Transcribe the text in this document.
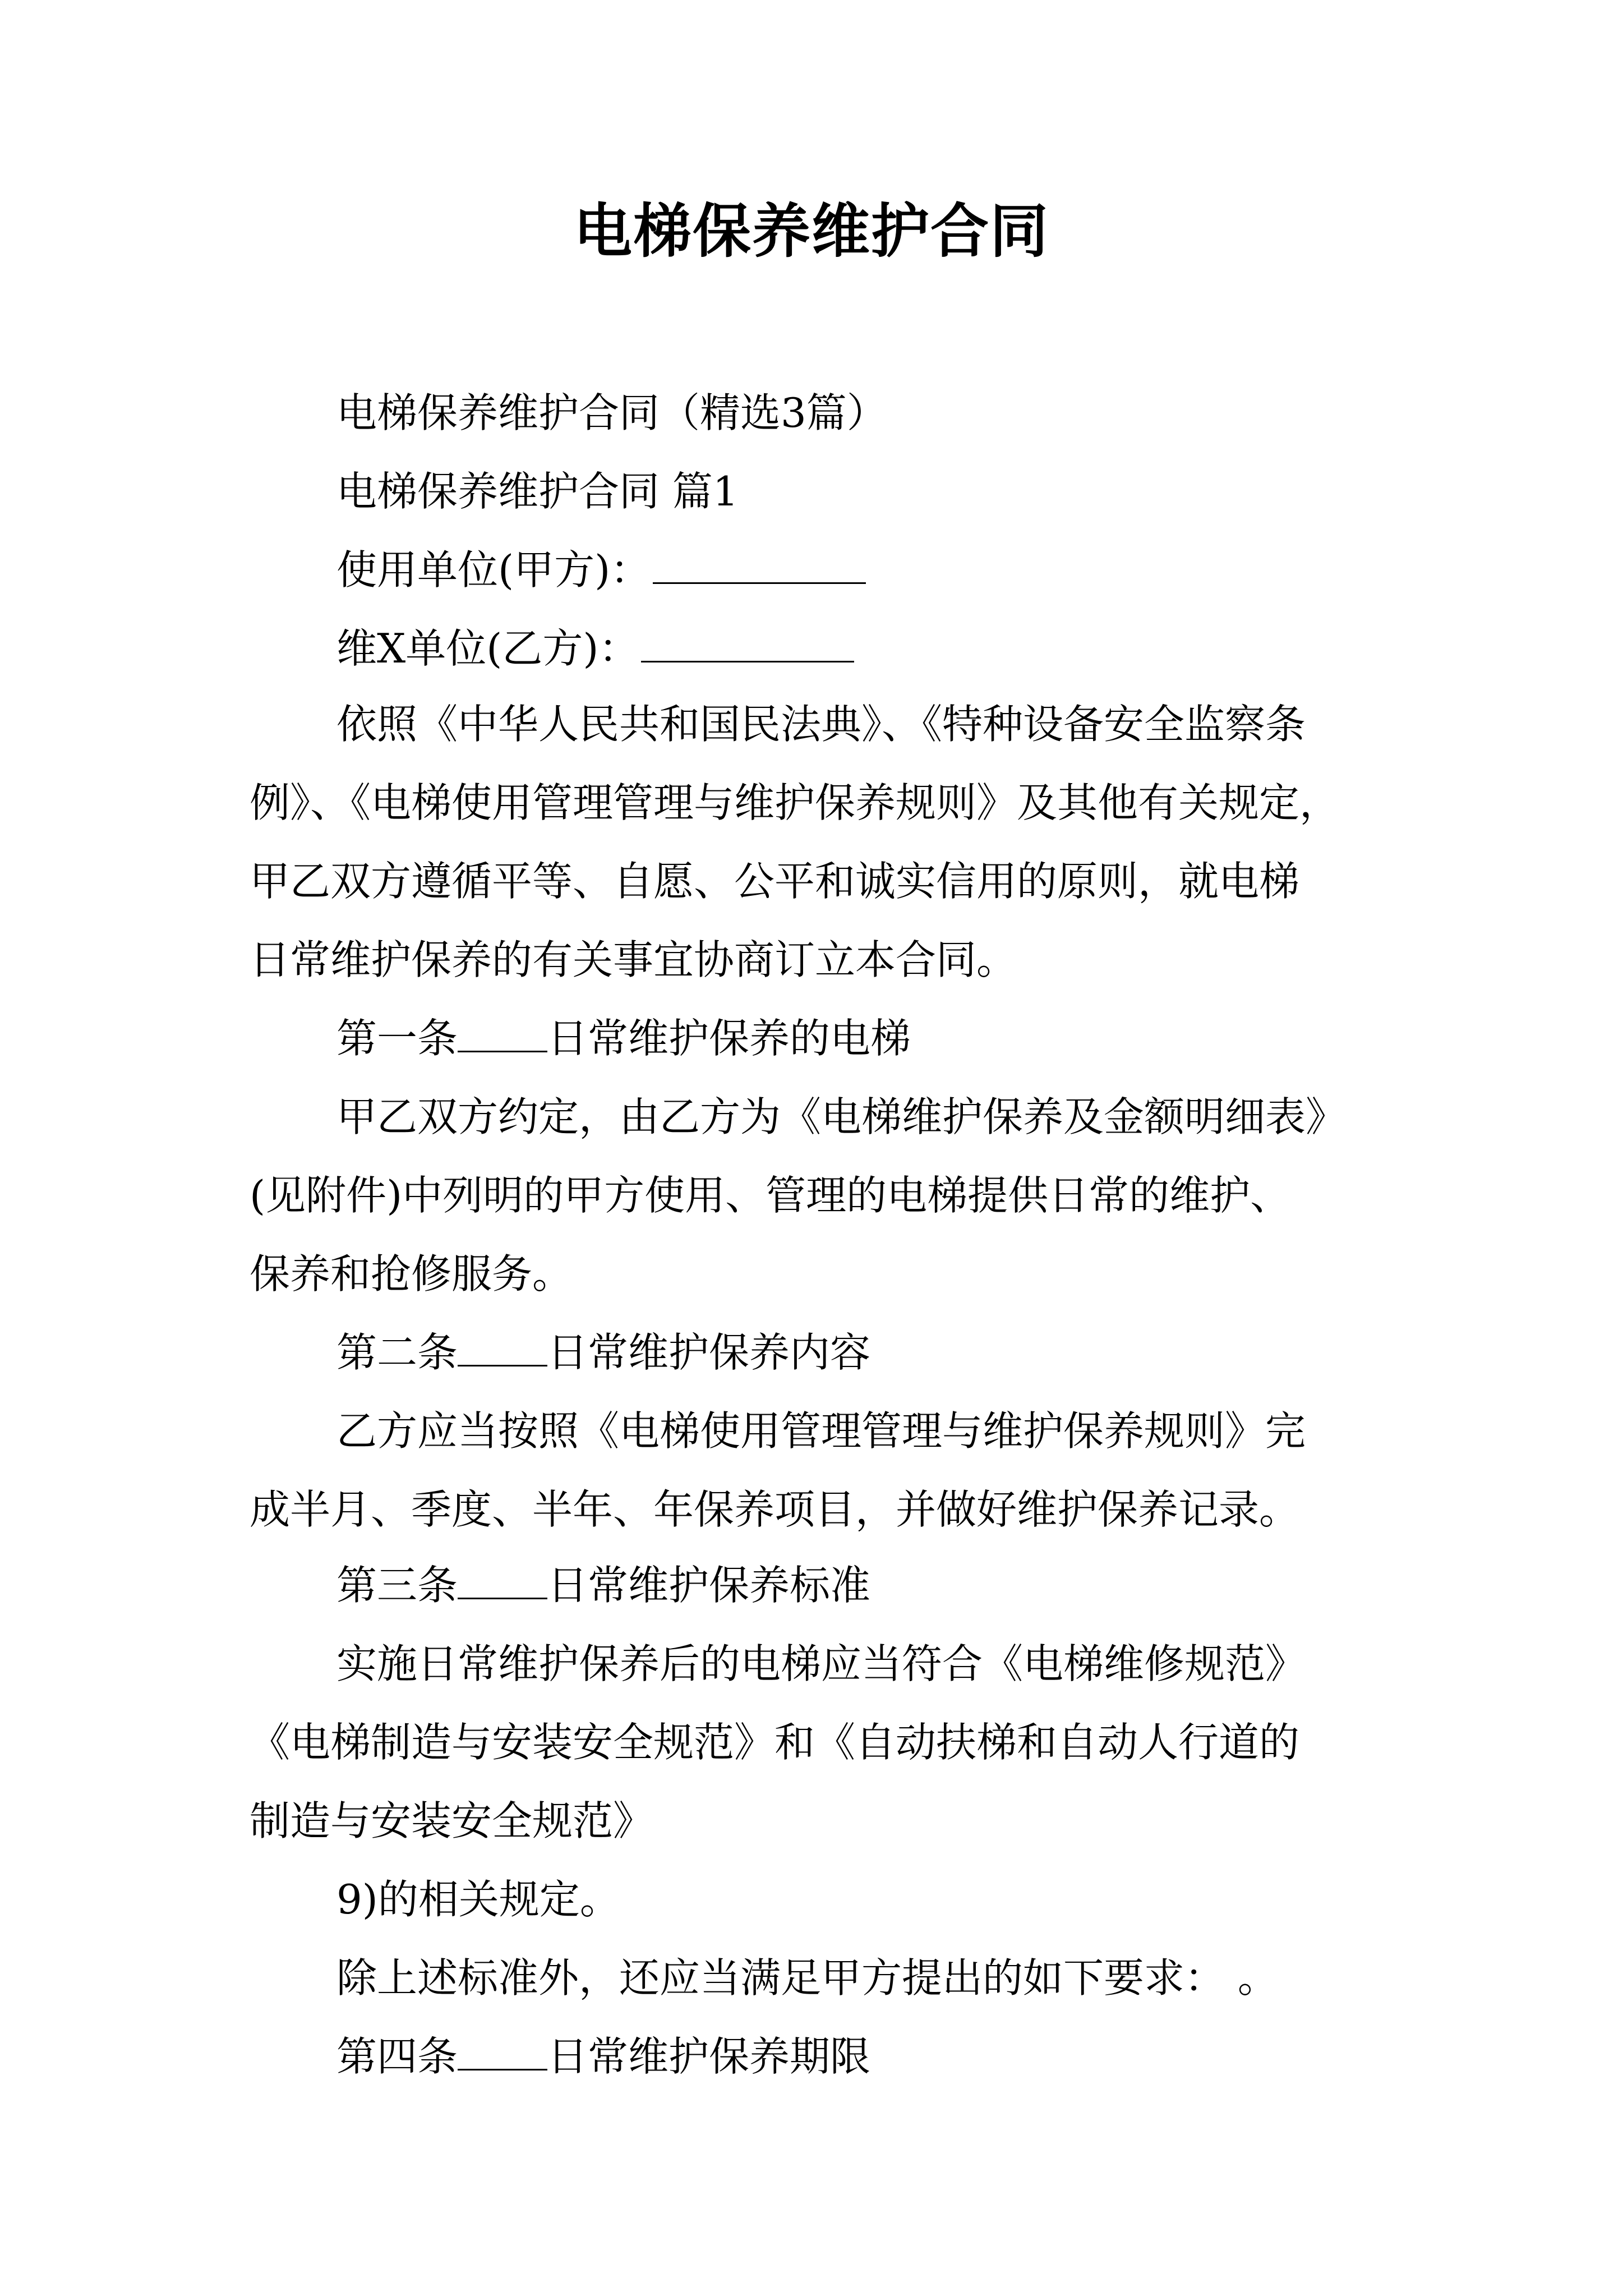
电梯保养维护合同
电梯保养维护合同（精选3篇）
电梯保养维护合同 篇1
使用单位(甲方)：
维X单位(乙方)：
依照《中华人民共和国民法典》、《特种设备安全监察条
例》、《电梯使用管理管理与维护保养规则》及其他有关规定，
甲乙双方遵循平等、自愿、公平和诚实信用的原则，就电梯
日常维护保养的有关事宜协商订立本合同。
第一条 日常维护保养的电梯
甲乙双方约定，由乙方为《电梯维护保养及金额明细表》
(见附件)中列明的甲方使用、管理的电梯提供日常的维护、
保养和抢修服务。
第二条 日常维护保养内容
乙方应当按照《电梯使用管理管理与维护保养规则》完
成半月、季度、半年、年保养项目，并做好维护保养记录。
第三条 日常维护保养标准
实施日常维护保养后的电梯应当符合《电梯维修规范》
《电梯制造与安装安全规范》和《自动扶梯和自动人行道的
制造与安装安全规范》
9)的相关规定。
除上述标准外，还应当满足甲方提出的如下要求： 。
第四条 日常维护保养期限
